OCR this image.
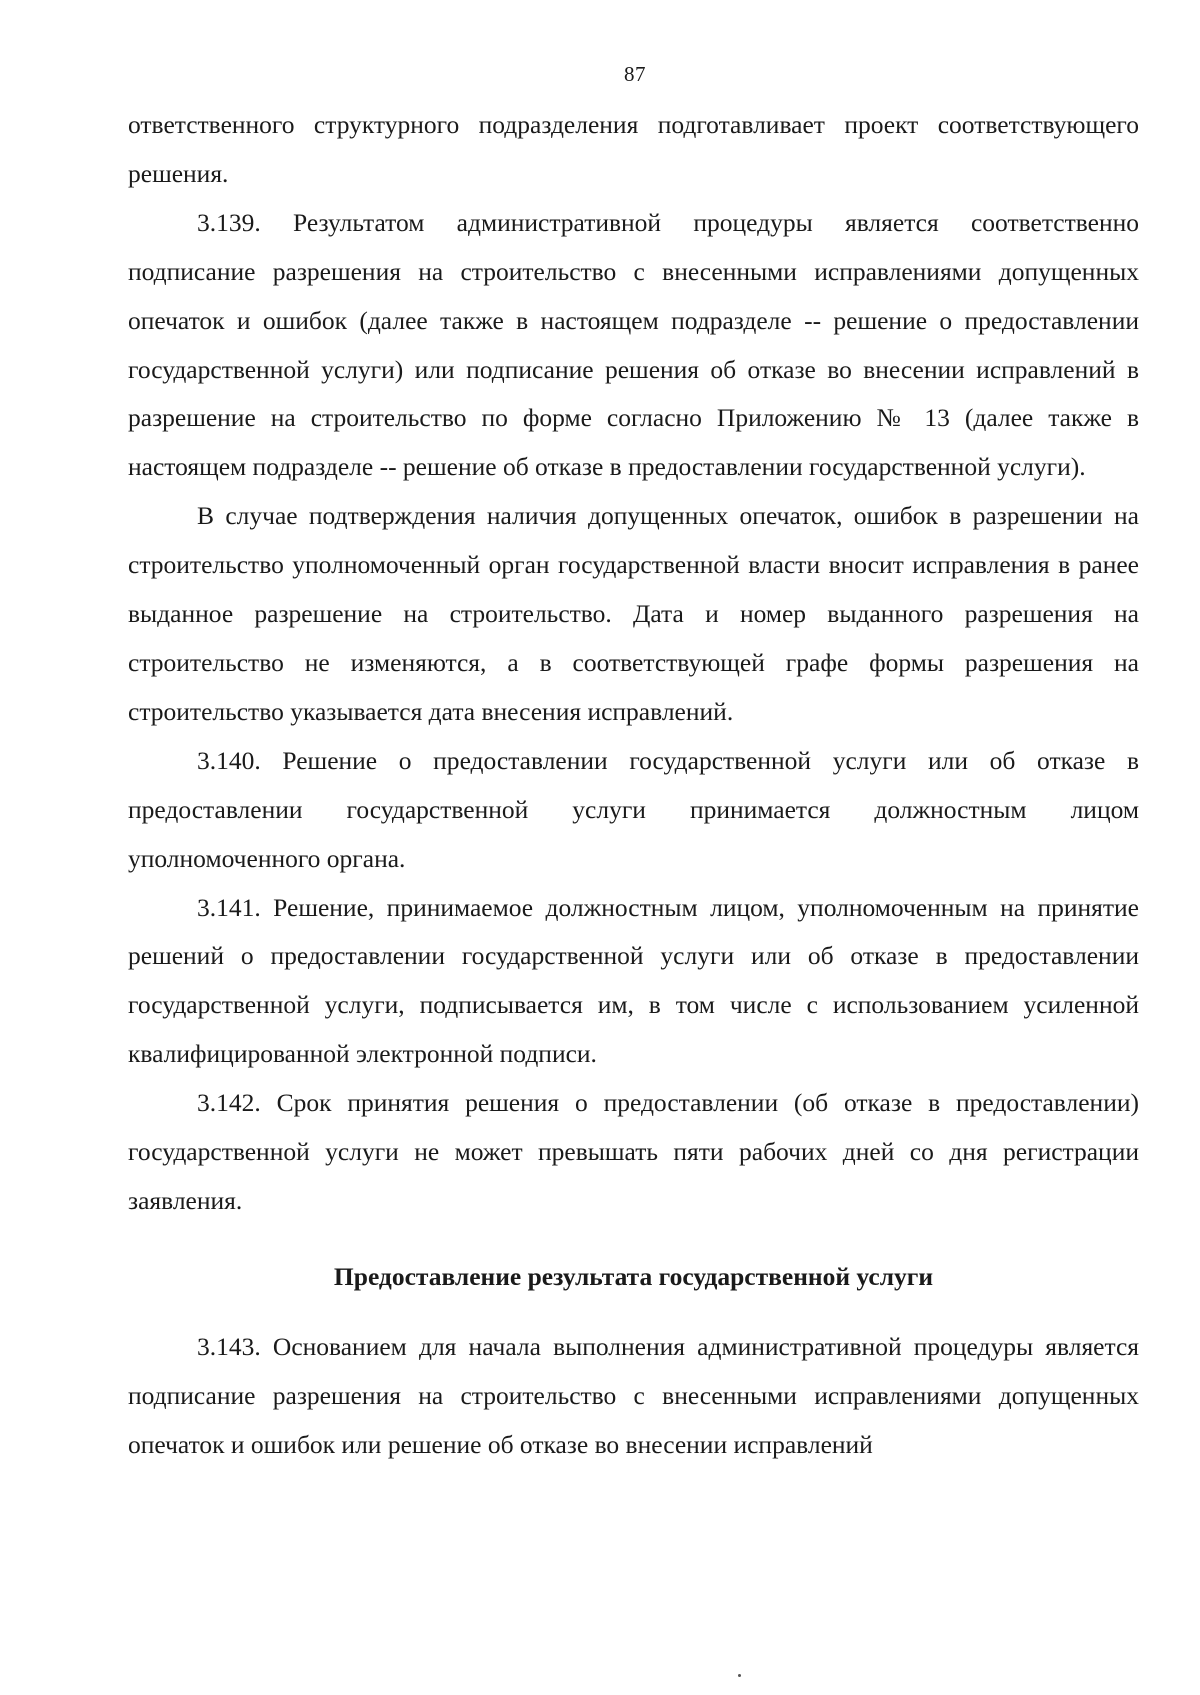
87

ответственного структурного подразделения подготавливает проект соответствующего решения.

3.139. Результатом административной процедуры является соответственно подписание разрешения на строительство с внесенными исправлениями допущенных опечаток и ошибок (далее также в настоящем подразделе -- решение о предоставлении государственной услуги) или подписание решения об отказе во внесении исправлений в разрешение на строительство по форме согласно Приложению № 13 (далее также в настоящем подразделе -- решение об отказе в предоставлении государственной услуги).

В случае подтверждения наличия допущенных опечаток, ошибок в разрешении на строительство уполномоченный орган государственной власти вносит исправления в ранее выданное разрешение на строительство. Дата и номер выданного разрешения на строительство не изменяются, а в соответствующей графе формы разрешения на строительство указывается дата внесения исправлений.

3.140. Решение о предоставлении государственной услуги или об отказе в предоставлении государственной услуги принимается должностным лицом уполномоченного органа.

3.141. Решение, принимаемое должностным лицом, уполномоченным на принятие решений о предоставлении государственной услуги или об отказе в предоставлении государственной услуги, подписывается им, в том числе с использованием усиленной квалифицированной электронной подписи.

3.142. Срок принятия решения о предоставлении (об отказе в предоставлении) государственной услуги не может превышать пяти рабочих дней со дня регистрации заявления.

Предоставление результата государственной услуги

3.143. Основанием для начала выполнения административной процедуры является подписание разрешения на строительство с внесенными исправлениями допущенных опечаток и ошибок или решение об отказе во внесении исправлений
